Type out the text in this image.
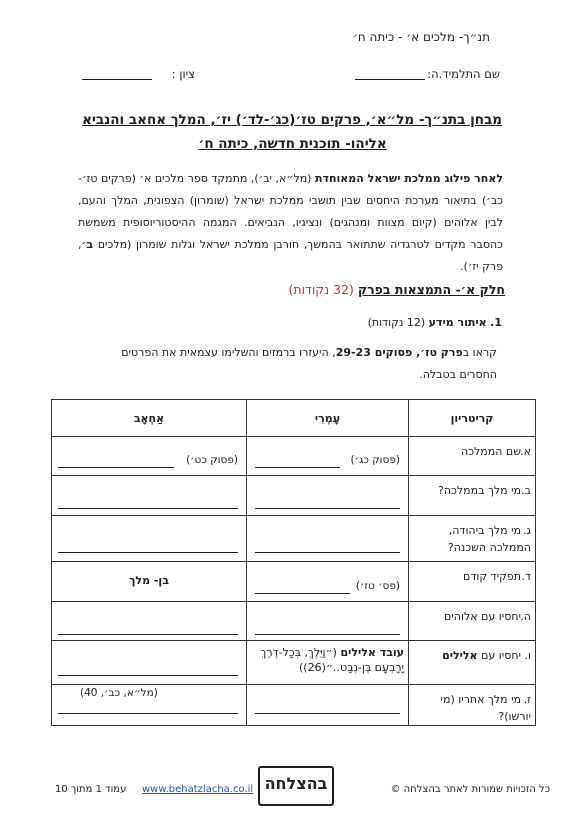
תנ״ך- מלכים א׳ - כיתה ח׳
שם התלמיד.ה:
ציון :
מבחן בתנ״ך- מל״א׳, פרקים טז׳(כג׳-לד׳) יז׳, המלך אחאב והנביא
אליהו- תוכנית חדשה, כיתה ח׳
לאחר פילוג ממלכת ישראל המאוחדת (מל״א, יב׳), מתמקד ספר מלכים א׳ (פרקים טז׳- כב׳) בתיאור מערכת היחסים שבין תושבי ממלכת ישראל (שומרון) הצפונית, המלך והעם, לבין אלוהים (קיום מצוות ומנהגים) ונציגיו, הנביאים. המגמה ההיסטוריוסופית משמשת כהסבר מקדים לטרגדיה שתתואר בהמשך, חורבן ממלכת ישראל וגלות שומרון (מלכים ב׳, פרק יז׳).
חלק א׳- התמצאות בפרק (32 נקודות)
1. איתור מידע (12 נקודות)
קראו בפרק טז׳, פסוקים 29-23, היעזרו ברמזים והשלימו עצמאית את הפרטים החסרים בטבלה.
קריטריון	עָמְרִי	אַחְאָב
א.שם הממלכה	(פסוק כג׳)	(פסוק כט׳)

ב.מי מלך בממלכה?	

ג.מי מלך ביהודה, הממלכה השכנה?	

ד.תפקיד קודם	(פס׳ טז׳)	בן- מלך
ה.יחסיו עם אלוהים	

ו.יחסיו עם אלילים	עובד אלילים (״וַיֵּלֶךְ, בְּכָל-דֶּרֶךְ יָרָבְעָם בֶּן-נְבָט..״(26))	

ז.מי מלך אחריו (מי יורשו)?		(מל״א, כב׳, 40)
כל הזכויות שמורות לאתר בהצלחה ©
www.behatzlacha.co.il
עמוד 1 מתוך 10	בהצלחה
